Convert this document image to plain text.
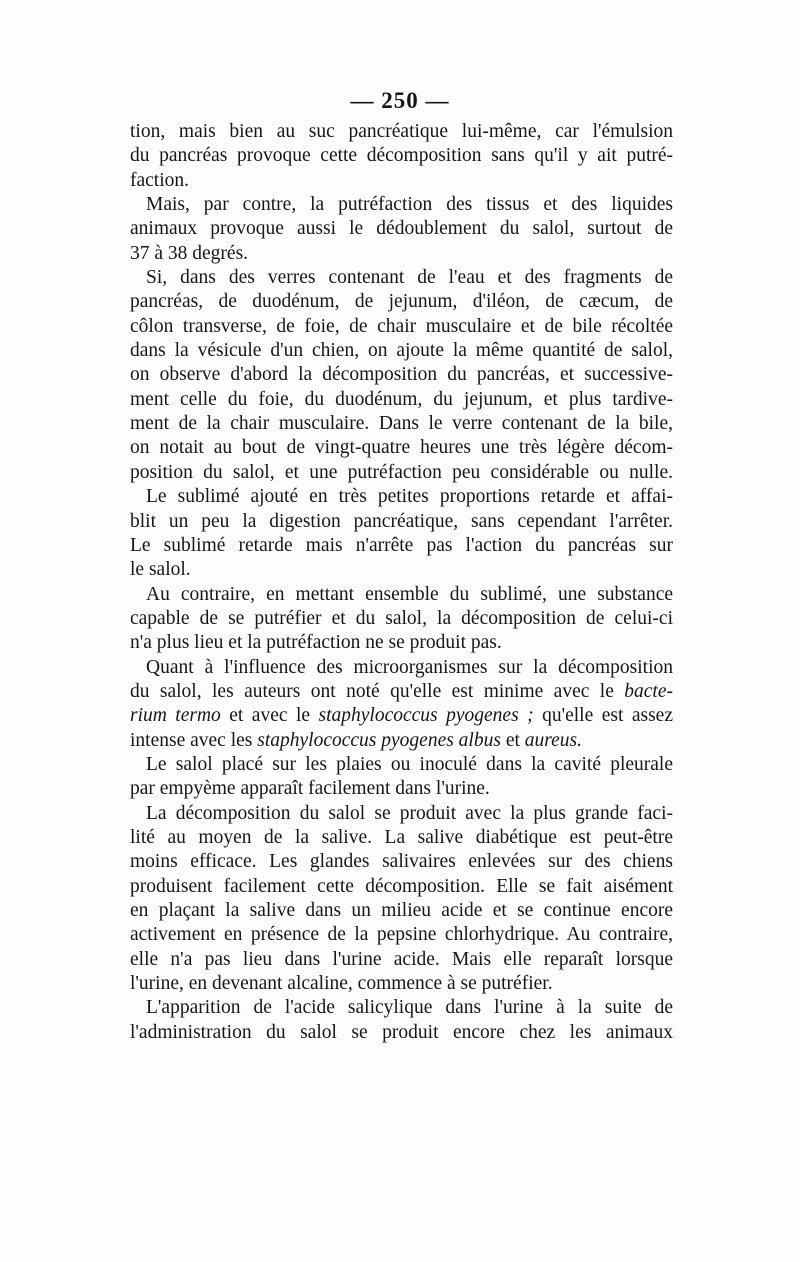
— 250 —
tion, mais bien au suc pancréatique lui-même, car l'émulsion
du pancréas provoque cette décomposition sans qu'il y ait putré-
faction.
Mais, par contre, la putréfaction des tissus et des liquides
animaux provoque aussi le dédoublement du salol, surtout de
37 à 38 degrés.
Si, dans des verres contenant de l'eau et des fragments de
pancréas, de duodénum, de jejunum, d'iléon, de cæcum, de
côlon transverse, de foie, de chair musculaire et de bile récoltée
dans la vésicule d'un chien, on ajoute la même quantité de salol,
on observe d'abord la décomposition du pancréas, et successive-
ment celle du foie, du duodénum, du jejunum, et plus tardive-
ment de la chair musculaire. Dans le verre contenant de la bile,
on notait au bout de vingt-quatre heures une très légère décom-
position du salol, et une putréfaction peu considérable ou nulle.
Le sublimé ajouté en très petites proportions retarde et affai-
blit un peu la digestion pancréatique, sans cependant l'arrêter.
Le sublimé retarde mais n'arrête pas l'action du pancréas sur
le salol.
Au contraire, en mettant ensemble du sublimé, une substance
capable de se putréfier et du salol, la décomposition de celui-ci
n'a plus lieu et la putréfaction ne se produit pas.
Quant à l'influence des microorganismes sur la décomposition
du salol, les auteurs ont noté qu'elle est minime avec le bacte-
rium termo et avec le staphylococcus pyogenes ; qu'elle est assez
intense avec les staphylococcus pyogenes albus et aureus.
Le salol placé sur les plaies ou inoculé dans la cavité pleurale
par empyème apparaît facilement dans l'urine.
La décomposition du salol se produit avec la plus grande faci-
lité au moyen de la salive. La salive diabétique est peut-être
moins efficace. Les glandes salivaires enlevées sur des chiens
produisent facilement cette décomposition. Elle se fait aisément
en plaçant la salive dans un milieu acide et se continue encore
activement en présence de la pepsine chlorhydrique. Au contraire,
elle n'a pas lieu dans l'urine acide. Mais elle reparaît lorsque
l'urine, en devenant alcaline, commence à se putréfier.
L'apparition de l'acide salicylique dans l'urine à la suite de
l'administration du salol se produit encore chez les animaux
